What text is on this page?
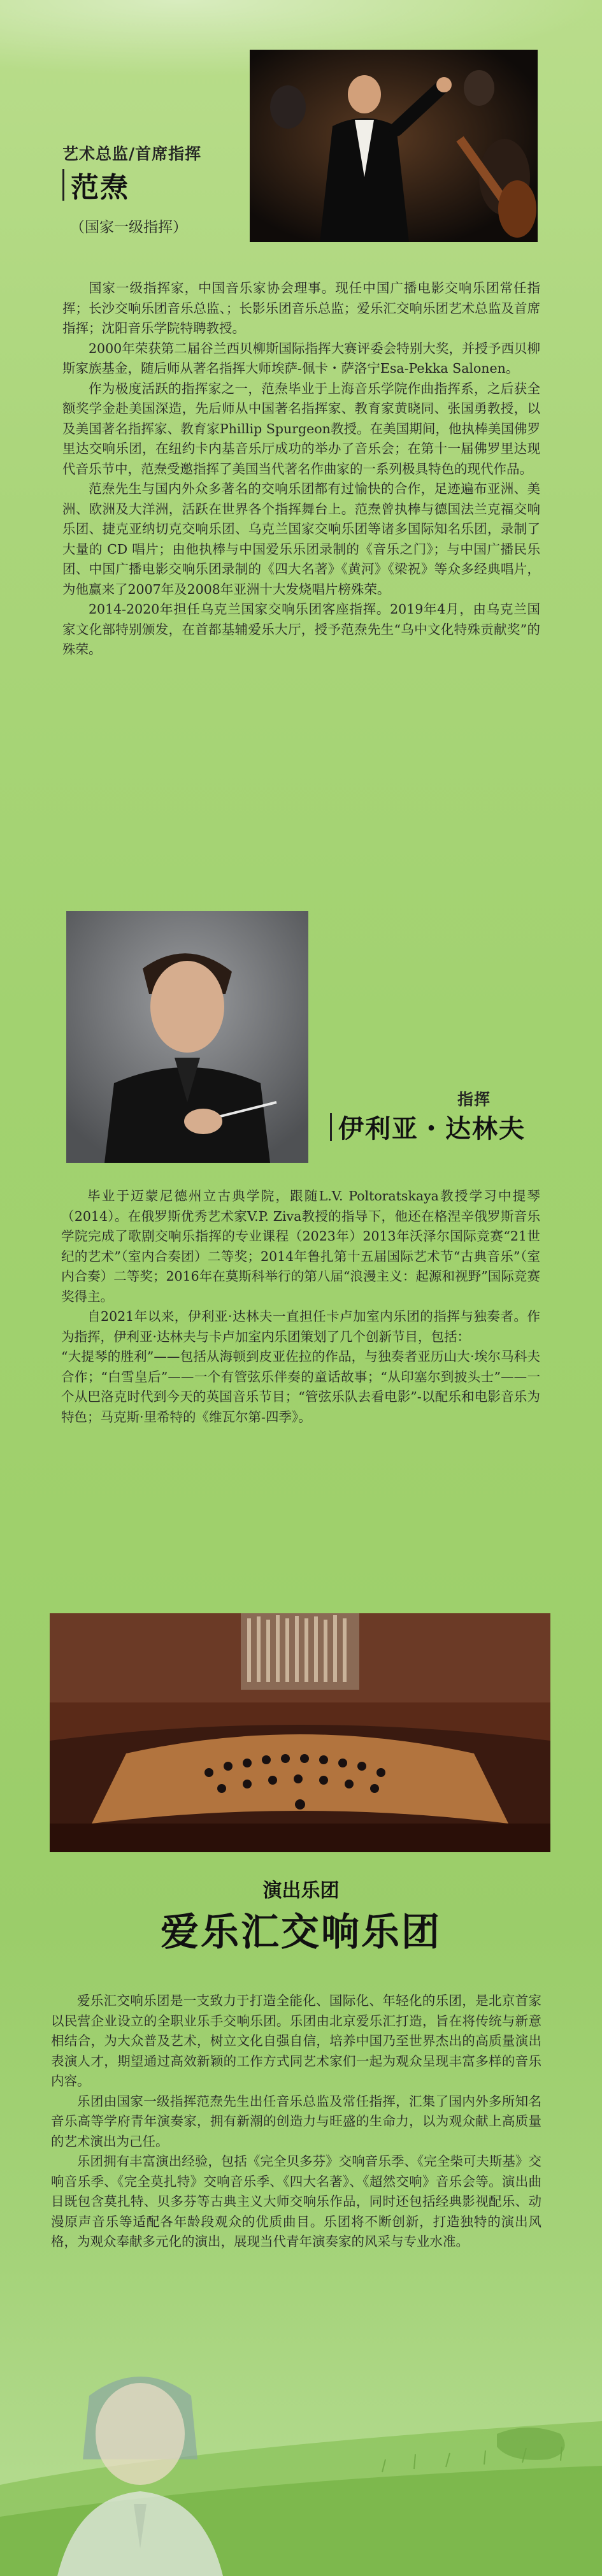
艺术总监/首席指挥
范焘
（国家一级指挥）

国家一级指挥家，中国音乐家协会理事。现任中国广播电影交响乐团常任指挥；长沙交响乐团音乐总监、；长影乐团音乐总监；爱乐汇交响乐团艺术总监及首席指挥；沈阳音乐学院特聘教授。

2000年荣获第二届谷兰西贝柳斯国际指挥大赛评委会特别大奖，并授予西贝柳斯家族基金，随后师从著名指挥大师埃萨-佩卡・萨洛宁Esa-Pekka Salonen。

作为极度活跃的指挥家之一，范焘毕业于上海音乐学院作曲指挥系，之后获全额奖学金赴美国深造，先后师从中国著名指挥家、教育家黄晓同、张国勇教授，以及美国著名指挥家、教育家Phillip Spurgeon教授。在美国期间，他执棒美国佛罗里达交响乐团，在纽约卡内基音乐厅成功的举办了音乐会；在第十一届佛罗里达现代音乐节中，范焘受邀指挥了美国当代著名作曲家的一系列极具特色的现代作品。

范焘先生与国内外众多著名的交响乐团都有过愉快的合作，足迹遍布亚洲、美洲、欧洲及大洋洲，活跃在世界各个指挥舞台上。范焘曾执棒与德国法兰克福交响乐团、捷克亚纳切克交响乐团、乌克兰国家交响乐团等诸多国际知名乐团，录制了大量的 CD 唱片；由他执棒与中国爱乐乐团录制的《音乐之门》；与中国广播民乐团、中国广播电影交响乐团录制的《四大名著》《黄河》《梁祝》等众多经典唱片，为他赢来了2007年及2008年亚洲十大发烧唱片榜殊荣。

2014-2020年担任乌克兰国家交响乐团客座指挥。2019年4月，由乌克兰国家文化部特别颁发，在首都基辅爱乐大厅，授予范焘先生“乌中文化特殊贡献奖”的殊荣。

指挥
伊利亚・达林夫

毕业于迈蒙尼德州立古典学院，跟随L.V. Poltoratskaya教授学习中提琴（2014）。在俄罗斯优秀艺术家V.P. Ziva教授的指导下，他还在格涅辛俄罗斯音乐学院完成了歌剧交响乐指挥的专业课程（2023年）2013年沃泽尔国际竞赛“21世纪的艺术”（室内合奏团）二等奖；2014年鲁扎第十五届国际艺术节“古典音乐”（室内合奏）二等奖；2016年在莫斯科举行的第八届“浪漫主义：起源和视野”国际竞赛奖得主。

自2021年以来，伊利亚·达林夫一直担任卡卢加室内乐团的指挥与独奏者。作为指挥，伊利亚·达林夫与卡卢加室内乐团策划了几个创新节目，包括：

“大提琴的胜利”——包括从海顿到皮亚佐拉的作品，与独奏者亚历山大·埃尔马科夫合作；“白雪皇后”——一个有管弦乐伴奏的童话故事；“从印塞尔到披头士”——一个从巴洛克时代到今天的英国音乐节目；“管弦乐队去看电影”-以配乐和电影音乐为特色；马克斯·里希特的《维瓦尔第-四季》。

演出乐团
爱乐汇交响乐团

爱乐汇交响乐团是一支致力于打造全能化、国际化、年轻化的乐团，是北京首家以民营企业设立的全职业乐手交响乐团。乐团由北京爱乐汇打造，旨在将传统与新意相结合，为大众普及艺术，树立文化自强自信，培养中国乃至世界杰出的高质量演出表演人才，期望通过高效新颖的工作方式同艺术家们一起为观众呈现丰富多样的音乐内容。

乐团由国家一级指挥范焘先生出任音乐总监及常任指挥，汇集了国内外多所知名音乐高等学府青年演奏家，拥有新潮的创造力与旺盛的生命力，以为观众献上高质量的艺术演出为己任。

乐团拥有丰富演出经验，包括《完全贝多芬》交响音乐季、《完全柴可夫斯基》交响音乐季、《完全莫扎特》交响音乐季、《四大名著》、《超然交响》音乐会等。演出曲目既包含莫扎特、贝多芬等古典主义大师交响乐作品，同时还包括经典影视配乐、动漫原声音乐等适配各年龄段观众的优质曲目。乐团将不断创新，打造独特的演出风格，为观众奉献多元化的演出，展现当代青年演奏家的风采与专业水准。
